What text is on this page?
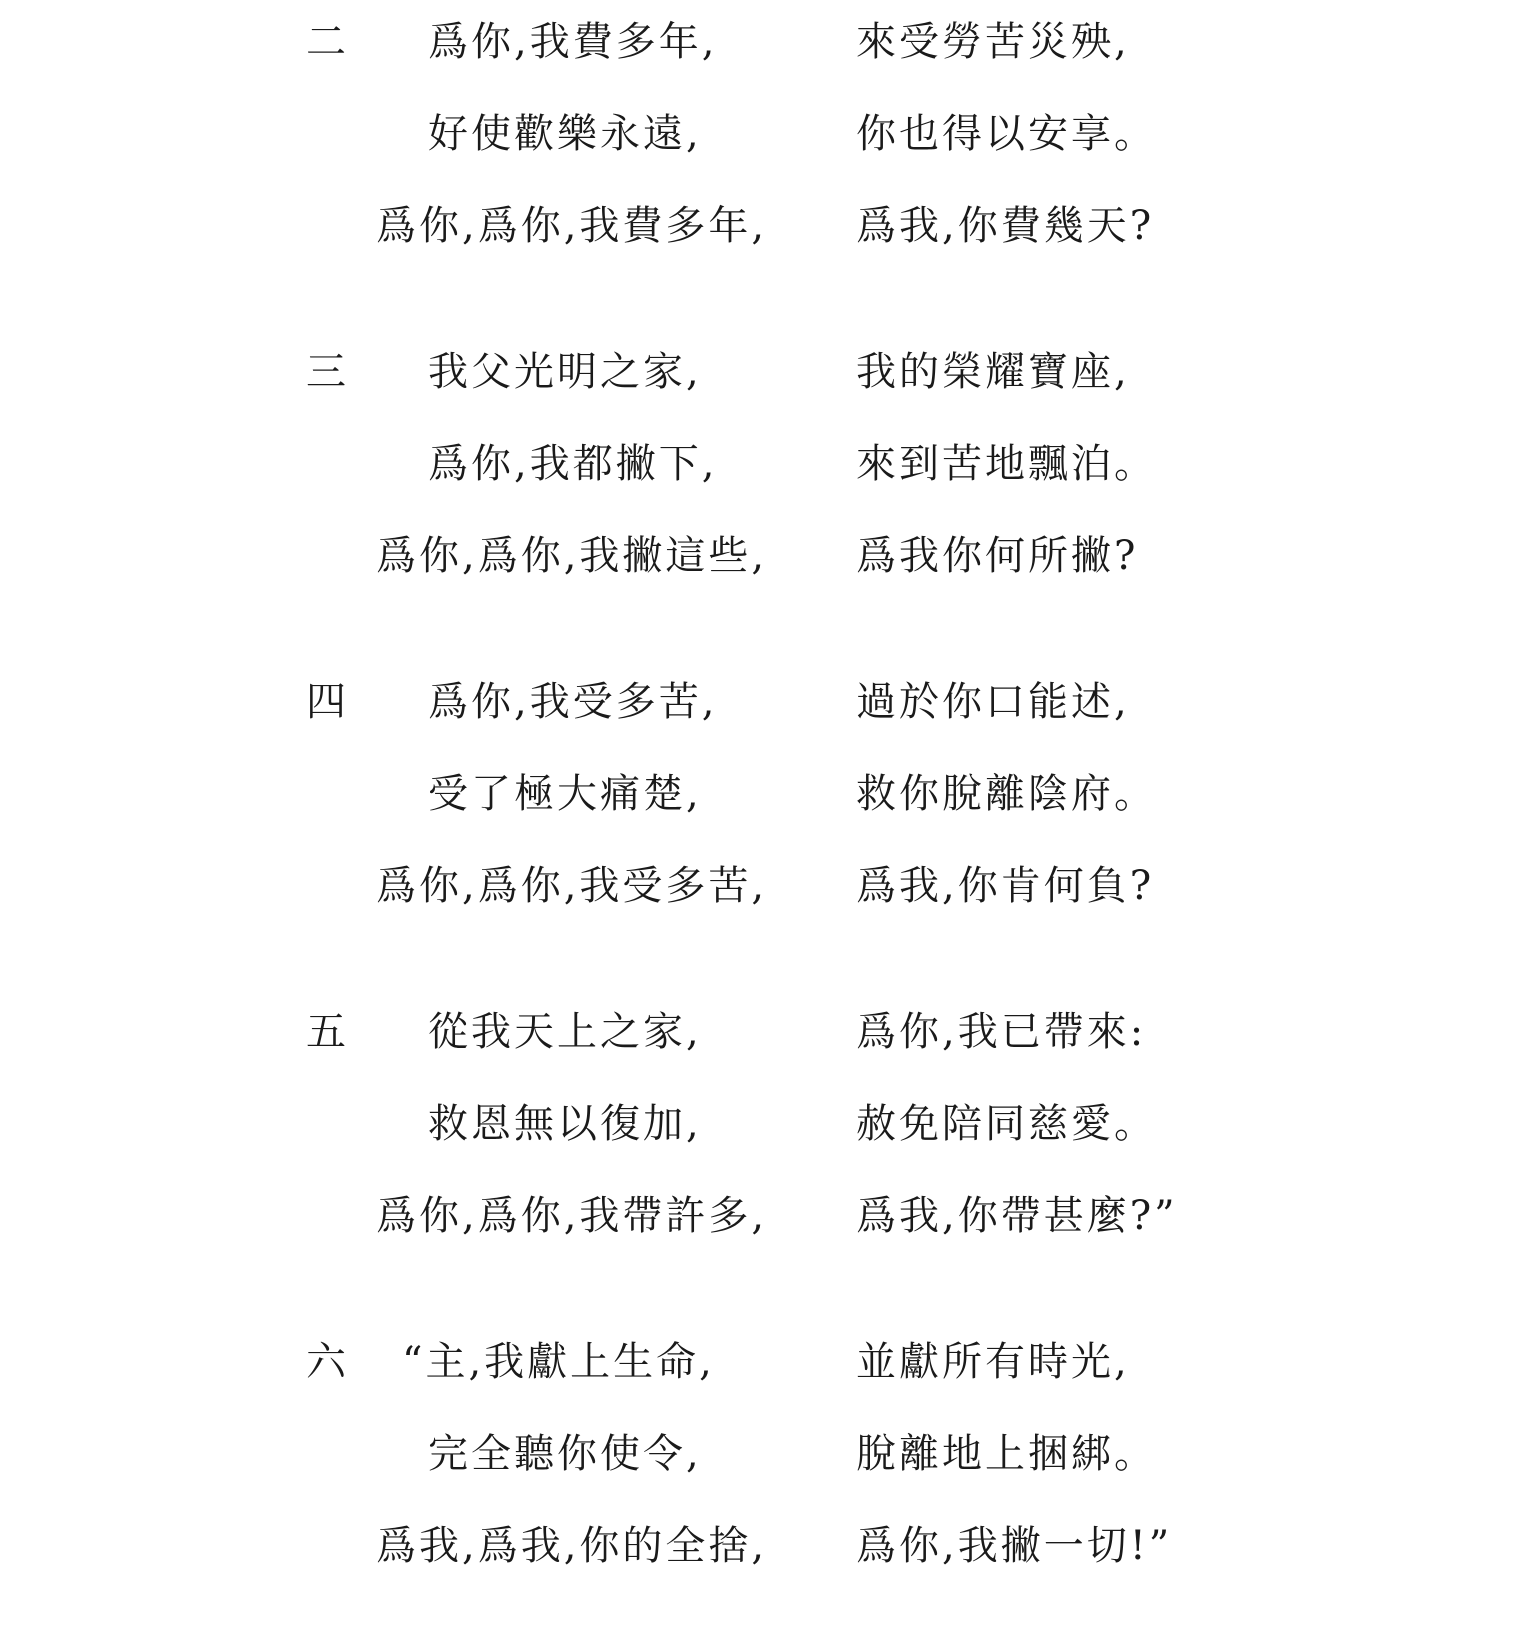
二 爲你,我費多年,	來受勞苦災殃,
好使歡樂永遠,	你也得以安享。
爲你,爲你,我費多年, 爲我,你費幾天?
三 我父光明之家,	我的榮耀寶座,
爲你,我都撇下,	來到苦地飄泊。
爲你,爲你,我撇這些, 爲我你何所撇?
四 爲你,我受多苦,	過於你口能述,
受了極大痛楚,	救你脫離陰府。
爲你,爲你,我受多苦, 爲我,你肯何負?
五 從我天上之家,	爲你,我已帶來:
救恩無以復加,	赦免陪同慈愛。
爲你,爲你,我帶許多, 爲我,你帶甚麼?”
六 “主,我獻上生命,	並獻所有時光,
完全聽你使令,	脫離地上捆綁。
爲我,爲我,你的全捨, 爲你,我撇一切!”
